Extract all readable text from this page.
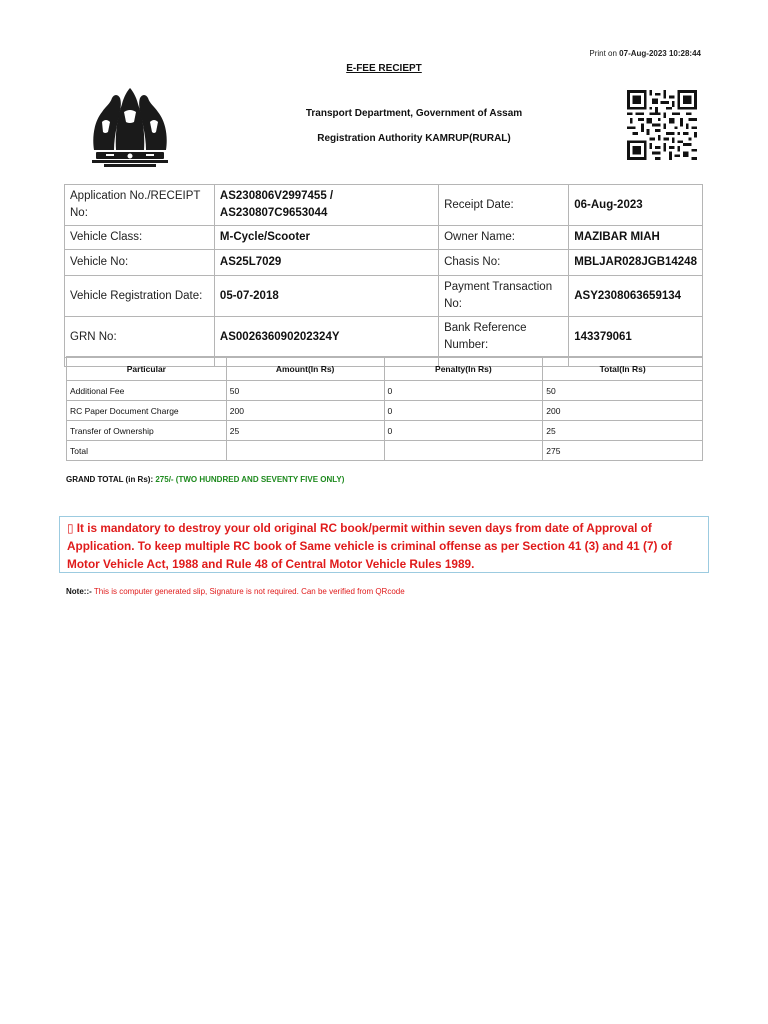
Print on 07-Aug-2023 10:28:44
E-FEE RECIEPT
Transport Department, Government of Assam
Registration Authority KAMRUP(RURAL)
Application No./RECEIPT No:	AS230806V2997455 / AS230807C9653044	Receipt Date:	06-Aug-2023
Vehicle Class:	M-Cycle/Scooter	Owner Name:	MAZIBAR MIAH
Vehicle No:	AS25L7029	Chasis No:	MBLJAR028JGB14248
Vehicle Registration Date:	05-07-2018	Payment Transaction No:	ASY2308063659134
GRN No:	AS002636090202324Y	Bank Reference Number:	143379061

Particular	Amount(In Rs)	Penalty(In Rs)	Total(In Rs)
Additional Fee	50	0	50
RC Paper Document Charge	200	0	200
Transfer of Ownership	25	0	25
Total			275
GRAND TOTAL (in Rs): 275/- (TWO HUNDRED AND SEVENTY FIVE ONLY)
▯ It is mandatory to destroy your old original RC book/permit within seven days from date of Approval of Application. To keep multiple RC book of Same vehicle is criminal offense as per Section 41 (3) and 41 (7) of Motor Vehicle Act, 1988 and Rule 48 of Central Motor Vehicle Rules 1989.
Note::- This is computer generated slip, Signature is not required. Can be verified from QRcode
